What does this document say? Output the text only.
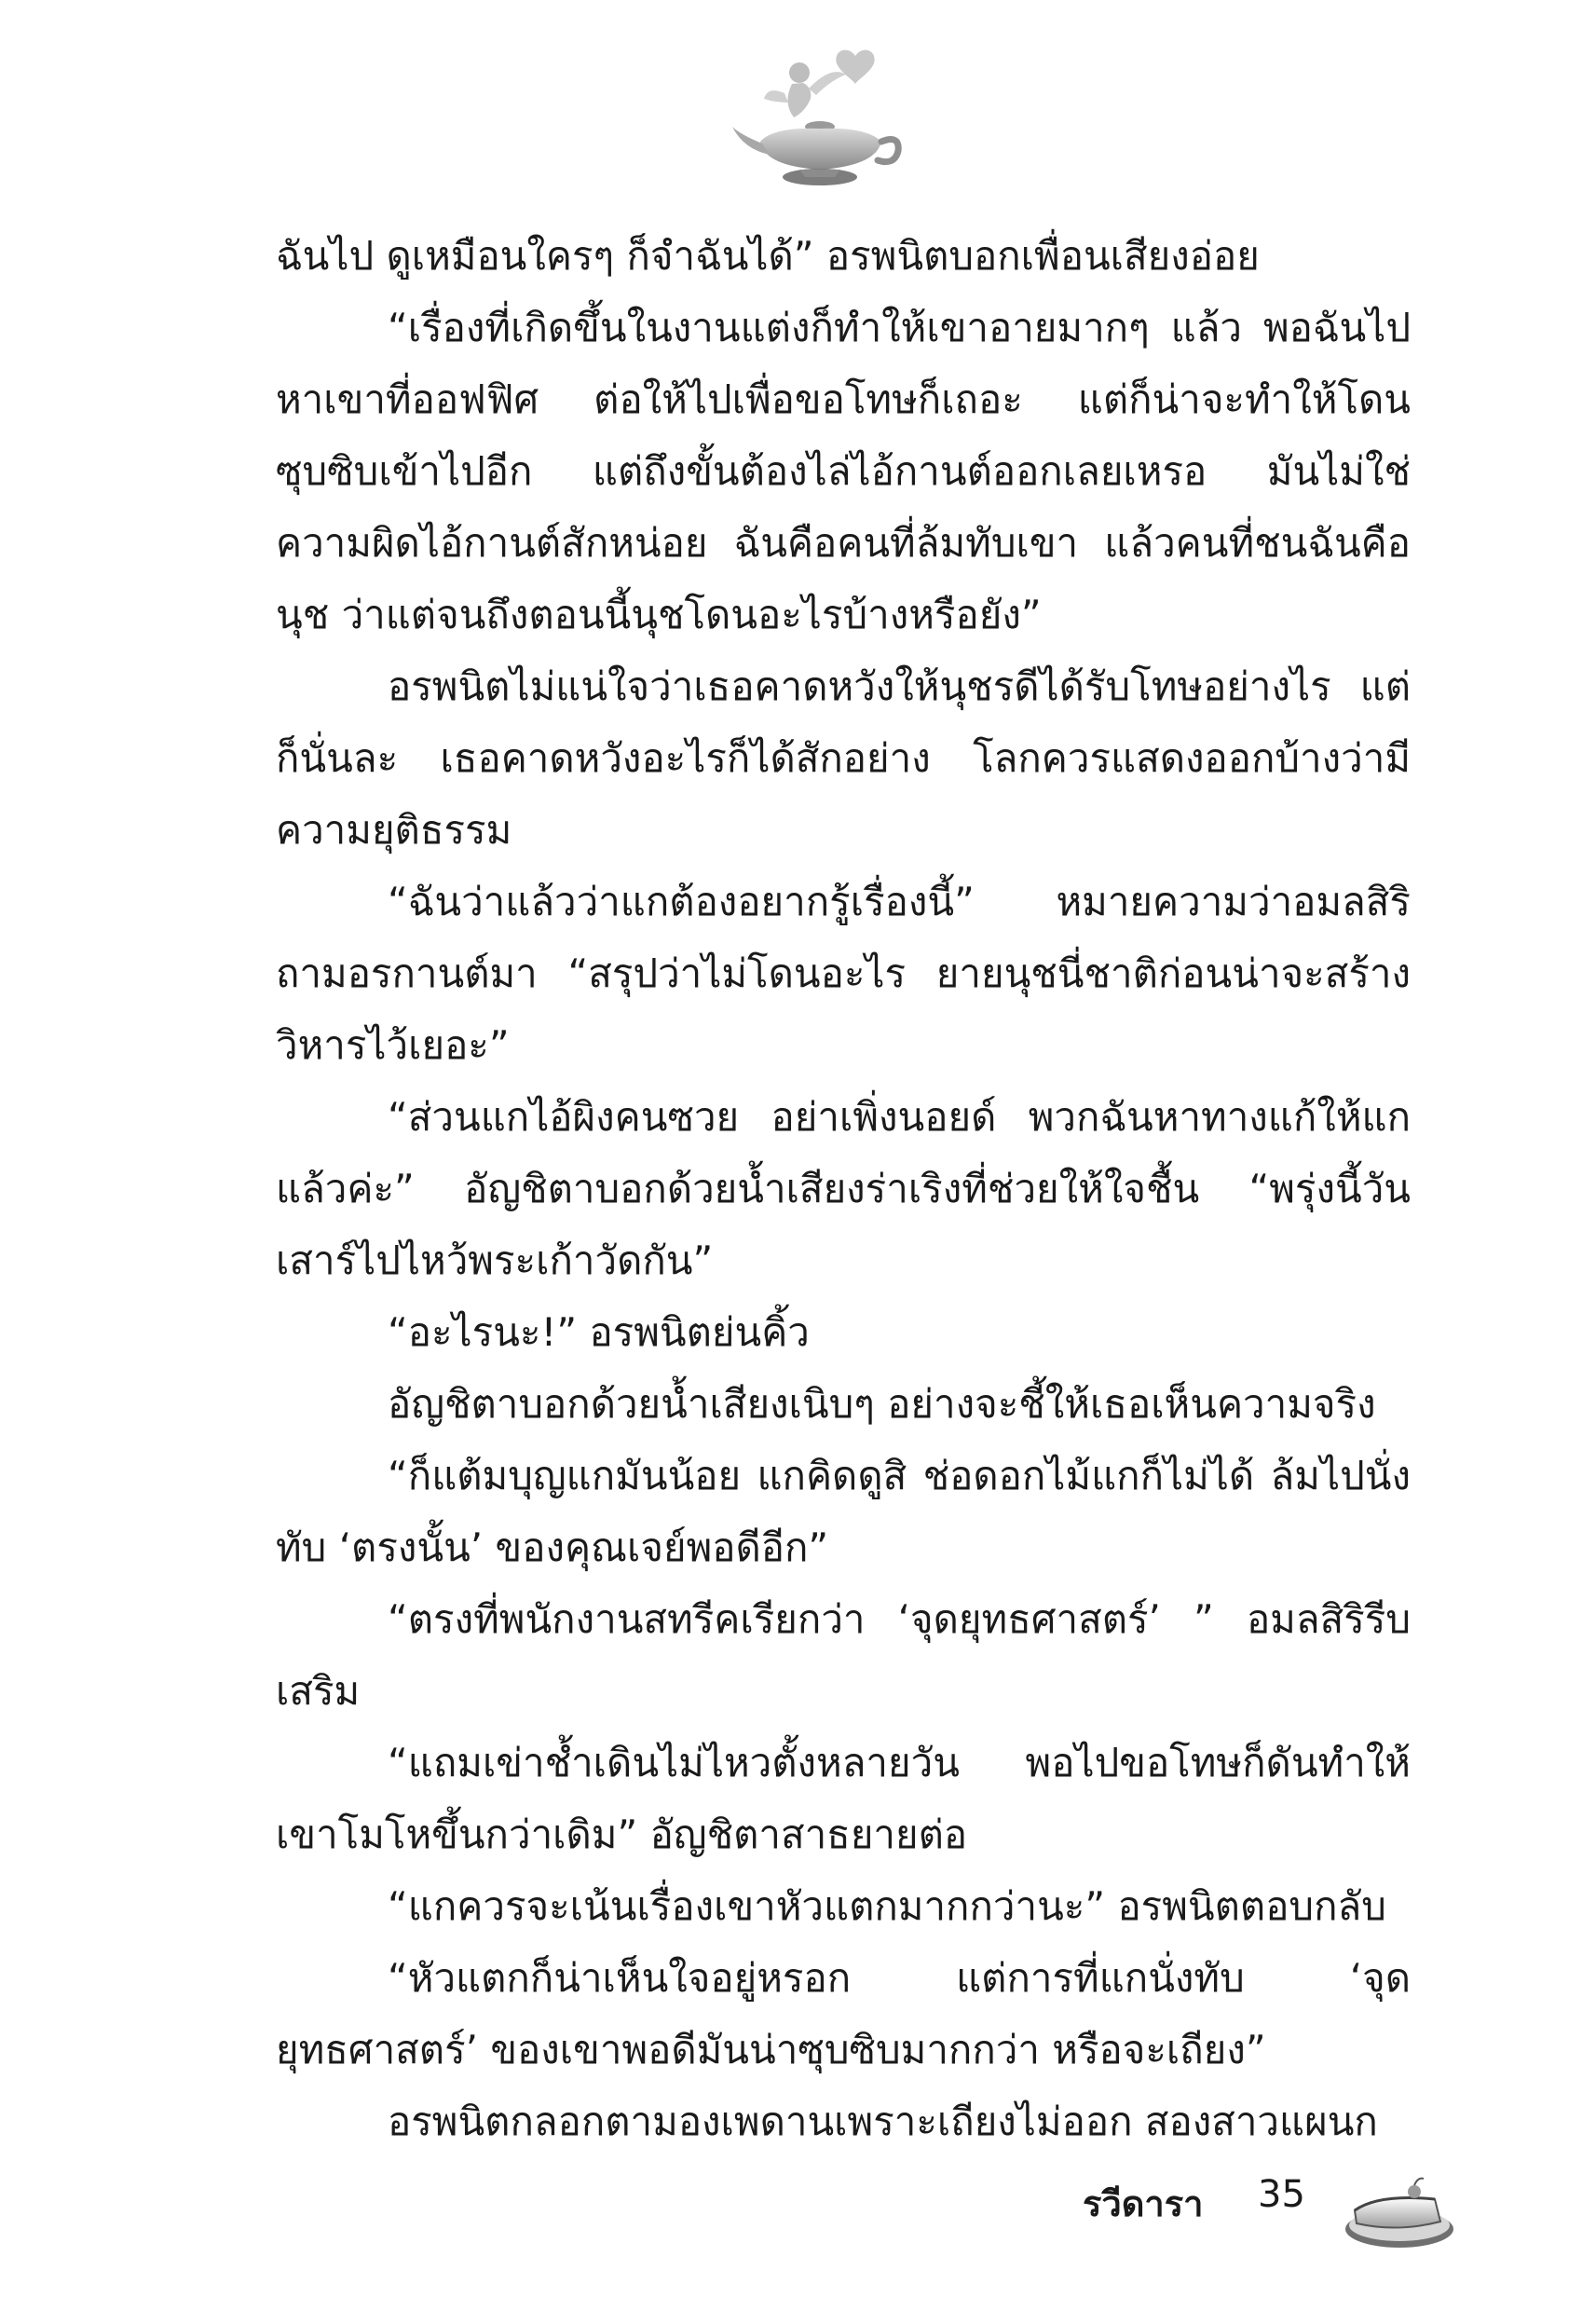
ฉันไป ดูเหมือนใครๆ ก็จำฉันได้” อรพนิตบอกเพื่อนเสียงอ่อย

“เรื่องที่เกิดขึ้นในงานแต่งก็ทำให้เขาอายมากๆ แล้ว พอฉันไปหาเขาที่ออฟฟิศ ต่อให้ไปเพื่อขอโทษก็เถอะ แต่ก็น่าจะทำให้โดนซุบซิบเข้าไปอีก แต่ถึงขั้นต้องไล่ไอ้กานต์ออกเลยเหรอ มันไม่ใช่ความผิดไอ้กานต์สักหน่อย ฉันคือคนที่ล้มทับเขา แล้วคนที่ชนฉันคือนุช ว่าแต่จนถึงตอนนี้นุชโดนอะไรบ้างหรือยัง”

อรพนิตไม่แน่ใจว่าเธอคาดหวังให้นุชรดีได้รับโทษอย่างไร แต่ก็นั่นละ เธอคาดหวังอะไรก็ได้สักอย่าง โลกควรแสดงออกบ้างว่ามีความยุติธรรม

“ฉันว่าแล้วว่าแกต้องอยากรู้เรื่องนี้” หมายความว่าอมลสิริถามอรกานต์มา “สรุปว่าไม่โดนอะไร ยายนุชนี่ชาติก่อนน่าจะสร้างวิหารไว้เยอะ”

“ส่วนแกไอ้ผิงคนซวย อย่าเพิ่งนอยด์ พวกฉันหาทางแก้ให้แกแล้วค่ะ” อัญชิตาบอกด้วยน้ำเสียงร่าเริงที่ช่วยให้ใจชื้น “พรุ่งนี้วันเสาร์ไปไหว้พระเก้าวัดกัน”

“อะไรนะ!” อรพนิตย่นคิ้ว

อัญชิตาบอกด้วยน้ำเสียงเนิบๆ อย่างจะชี้ให้เธอเห็นความจริง

“ก็แต้มบุญแกมันน้อย แกคิดดูสิ ช่อดอกไม้แกก็ไม่ได้ ล้มไปนั่งทับ ‘ตรงนั้น’ ของคุณเจย์พอดีอีก”

“ตรงที่พนักงานสทรีคเรียกว่า ‘จุดยุทธศาสตร์’ ” อมลสิริรีบเสริม

“แถมเข่าช้ำเดินไม่ไหวตั้งหลายวัน พอไปขอโทษก็ดันทำให้เขาโมโหขึ้นกว่าเดิม” อัญชิตาสาธยายต่อ

“แกควรจะเน้นเรื่องเขาหัวแตกมากกว่านะ” อรพนิตตอบกลับ

“หัวแตกก็น่าเห็นใจอยู่หรอก แต่การที่แกนั่งทับ ‘จุดยุทธศาสตร์’ ของเขาพอดีมันน่าซุบซิบมากกว่า หรือจะเถียง”

อรพนิตกลอกตามองเพดานเพราะเถียงไม่ออก สองสาวแผนก

รวีดารา 35
